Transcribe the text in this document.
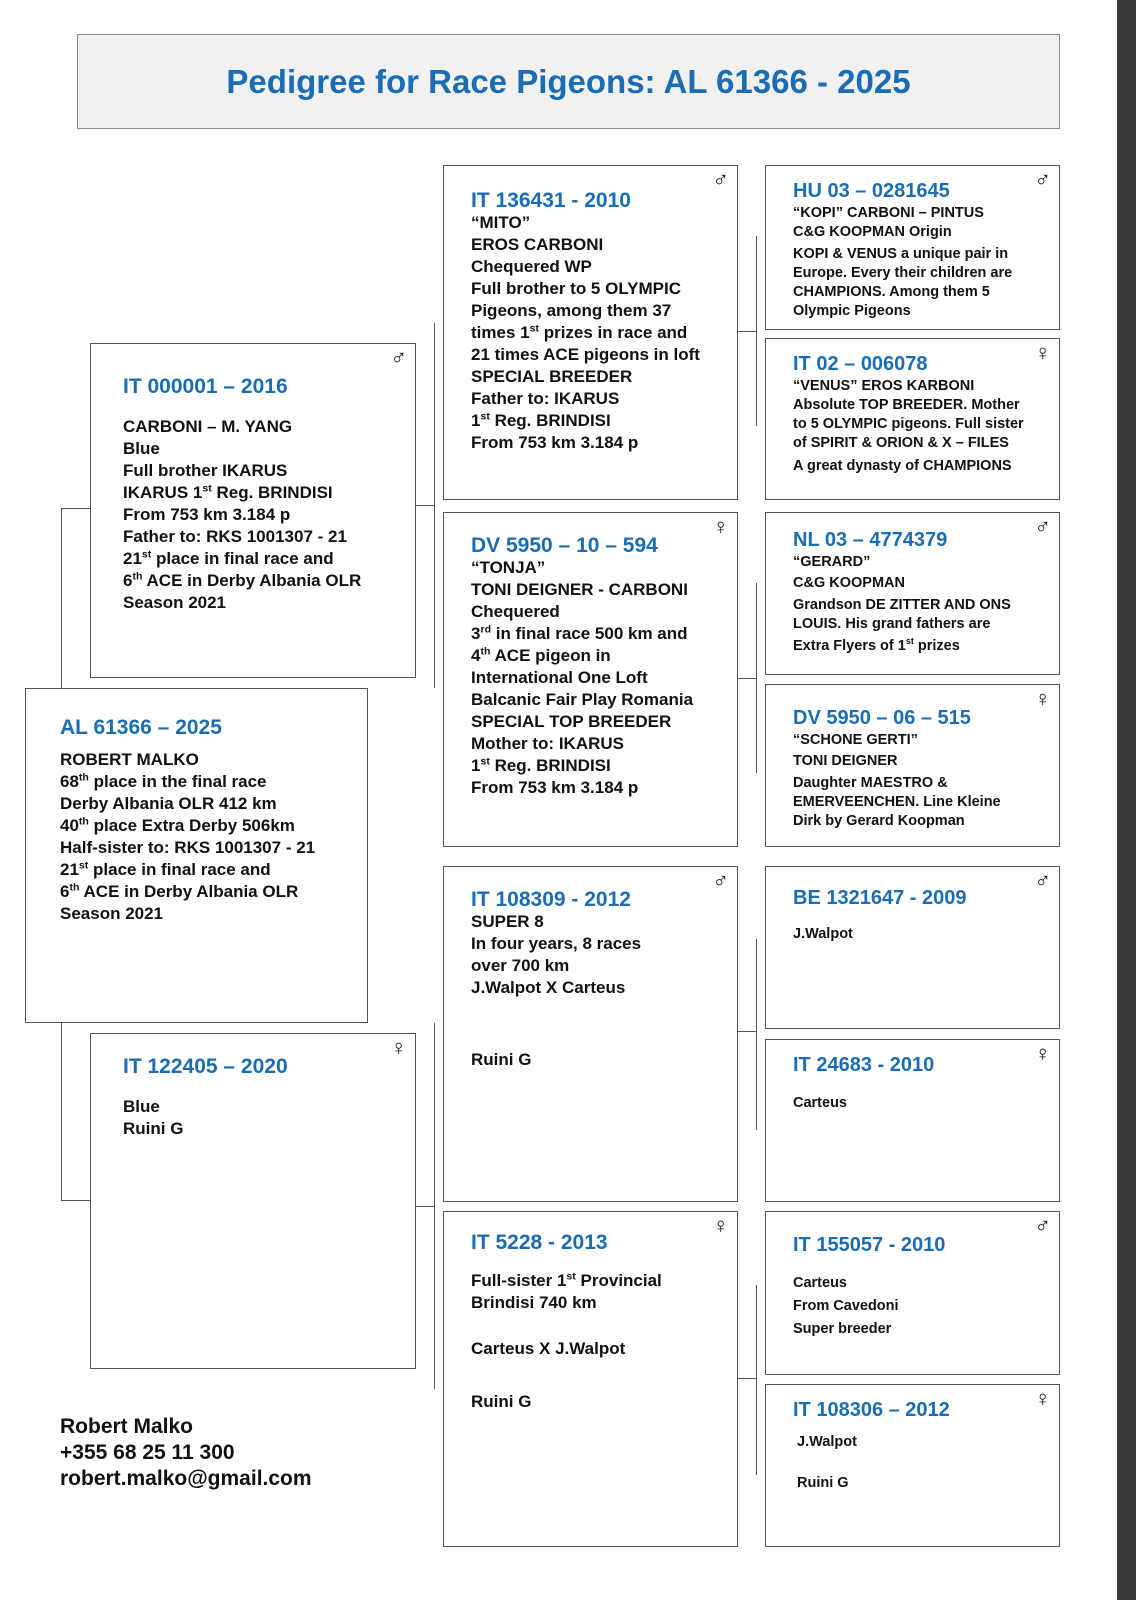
Pedigree for Race Pigeons: AL 61366 - 2025
AL 61366 – 2025
ROBERT MALKO
68th place in the final race
Derby Albania OLR 412 km
40th place Extra Derby 506km
Half-sister to: RKS 1001307 - 21
21st place in final race and
6th ACE in Derby Albania OLR
Season 2021
♂
IT 000001 – 2016
CARBONI – M. YANG
Blue
Full brother IKARUS
IKARUS 1st Reg. BRINDISI
From 753 km 3.184 p
Father to: RKS 1001307 - 21
21st place in final race and
6th ACE in Derby Albania OLR
Season 2021
♀
IT 122405 – 2020
Blue
Ruini G
♂
IT 136431 - 2010
“MITO”
EROS CARBONI
Chequered WP
Full brother to 5 OLYMPIC
Pigeons, among them 37
times 1st prizes in race and
21 times ACE pigeons in loft
SPECIAL BREEDER
Father to: IKARUS
1st Reg. BRINDISI
From 753 km 3.184 p
♀
DV 5950 – 10 – 594
“TONJA”
TONI DEIGNER - CARBONI
Chequered
3rd in final race 500 km and
4th ACE pigeon in
International One Loft
Balcanic Fair Play Romania
SPECIAL TOP BREEDER
Mother to: IKARUS
1st Reg. BRINDISI
From 753 km 3.184 p
♂
IT 108309 - 2012
SUPER 8
In four years, 8 races
over 700 km
J.Walpot X Carteus
Ruini G
♀
IT 5228 - 2013
Full-sister 1st Provincial
Brindisi 740 km
Carteus X J.Walpot
Ruini G
♂
HU 03 – 0281645
“KOPI” CARBONI – PINTUS
C&G KOOPMAN Origin
KOPI & VENUS a unique pair in
Europe. Every their children are
CHAMPIONS. Among them 5
Olympic Pigeons
♀
IT 02 – 006078
“VENUS” EROS KARBONI
Absolute TOP BREEDER. Mother
to 5 OLYMPIC pigeons. Full sister
of SPIRIT & ORION & X – FILES
A great dynasty of CHAMPIONS
♂
NL 03 – 4774379
“GERARD”
C&G KOOPMAN
Grandson DE ZITTER AND ONS
LOUIS. His grand fathers are
Extra Flyers of 1st prizes
♀
DV 5950 – 06 – 515
“SCHONE GERTI”
TONI DEIGNER
Daughter MAESTRO &
EMERVEENCHEN. Line Kleine
Dirk by Gerard Koopman
♂
BE 1321647 - 2009
J.Walpot
♀
IT 24683 - 2010
Carteus
♂
IT 155057 - 2010
Carteus
From Cavedoni
Super breeder
♀
IT 108306 – 2012
J.Walpot
Ruini G
Robert Malko
+355 68 25 11 300
robert.malko@gmail.com
